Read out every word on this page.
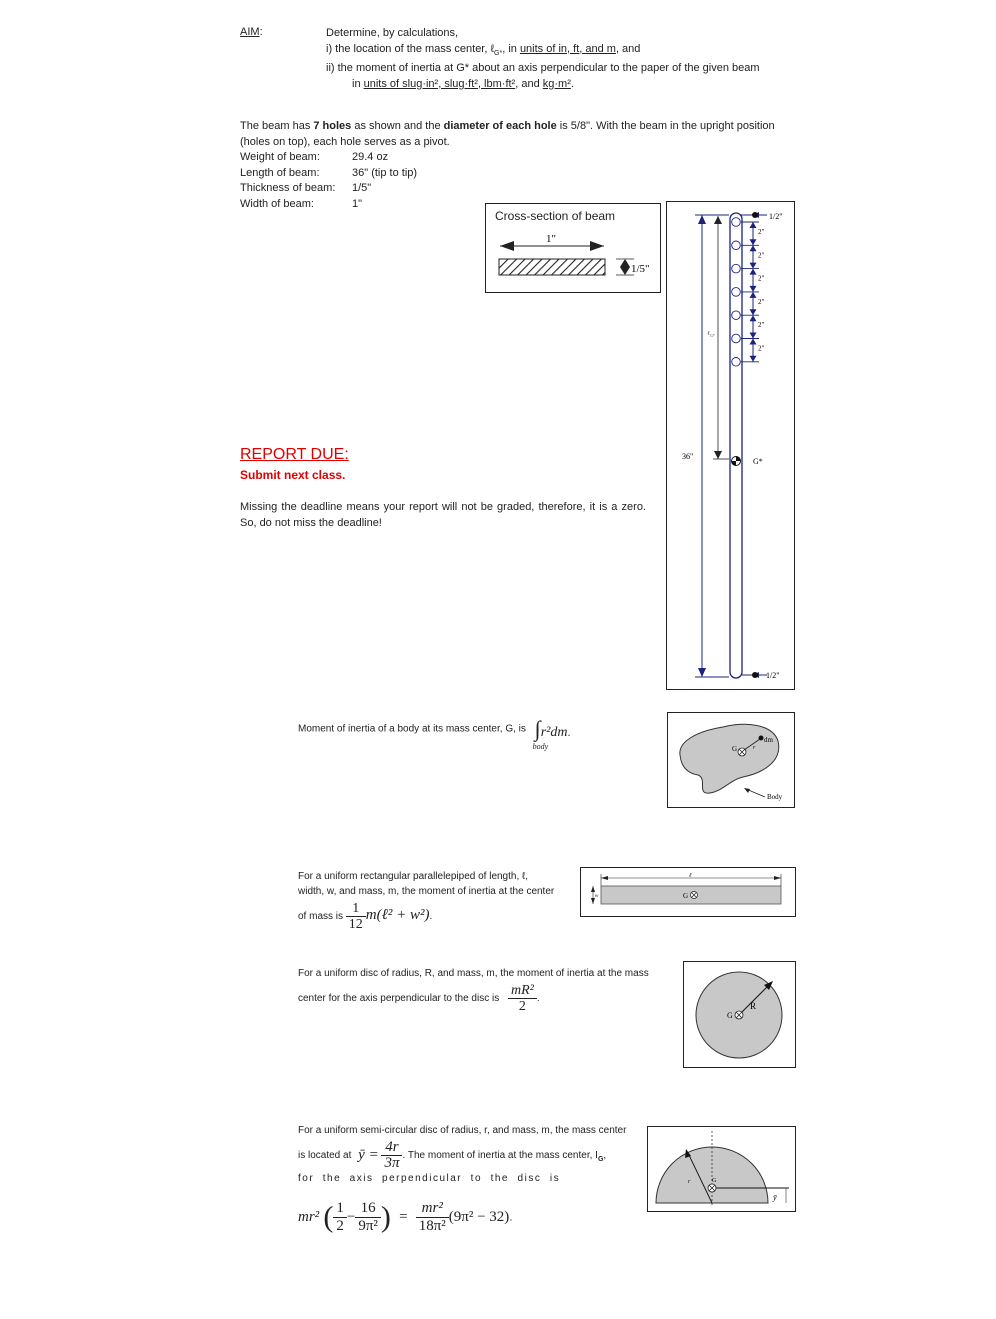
AIM:	Determine, by calculations,
i) the location of the mass center, ℓ$_{G*}$, in units of in, ft, and m, and
ii) the moment of inertia at G* about an axis perpendicular to the paper of the given beam
in units of slug·in², slug·ft², lbm·ft², and kg·m².
The beam has 7 holes as shown and the diameter of each hole is 5/8". With the beam in the upright position
(holes on top), each hole serves as a pivot.
Weight of beam:	29.4 oz
Length of beam:	36" (tip to tip)
Thickness of beam:	1/5"
Width of beam:	1"
Cross-section of beam
1"
1/5"
2"
2"
2"
2"
2"
2"
1/2"
ℓ$_{G*}$
36"
G*
1/2"
REPORT DUE:
Submit next class.
Missing the deadline means your report will not be graded, therefore, it is a zero. So, do not miss the deadline!
Moment of inertia of a body at its mass center, G, is ∫r²dm.
body
dm
r
G
Body
For a uniform rectangular parallelepiped of length, ℓ,
width, w, and mass, m, the moment of inertia at the center
of mass is $\frac{1}{12}$ m(ℓ² + w²).
ℓ
w	G
For a uniform disc of radius, R, and mass, m, the moment of inertia at the mass
center for the axis perpendicular to the disc is $\frac{\text{mR²}}{2}$ .
R
G
For a uniform semi-circular disc of radius, r, and mass, m, the mass center
is located at ȳ = $\frac{4r}{3\pi}$ . The moment of inertia at the mass center, $I_G$,
for  the  axis  perpendicular  to  the  disc  is
mr² ( $\frac{1}{2} - \frac{16}{\text{9π²}}$ ) = $\frac{\text{mr²}}{\text{18π²}} (9\pi^2 - 32)$.
r	G
ȳ
